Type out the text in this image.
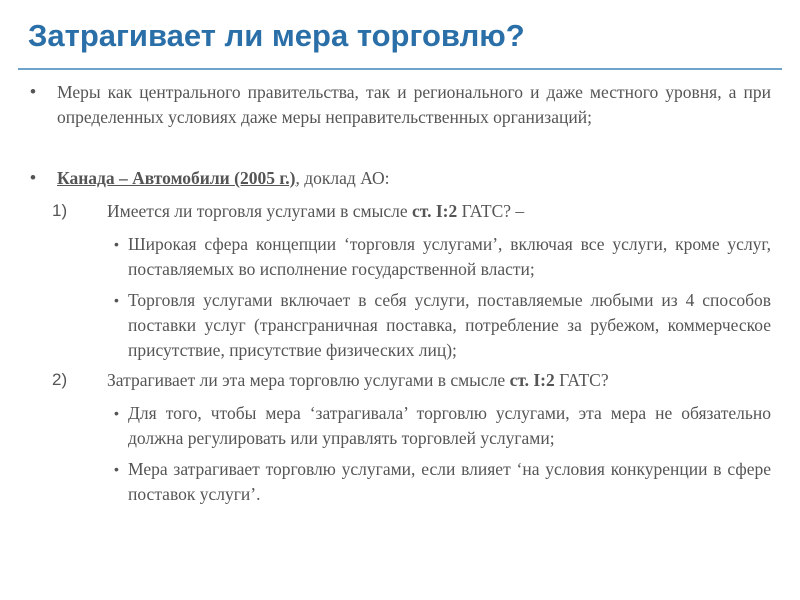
Затрагивает ли мера торговлю?
• Меры как центрального правительства, так и регионального и даже местного уровня, а при определенных условиях даже меры неправительственных организаций;
• Канада – Автомобили (2005 г.), доклад АО:
1) Имеется ли торговля услугами в смысле ст. I:2 ГАТС? –
• Широкая сфера концепции ‘торговля услугами’, включая все услуги, кроме услуг, поставляемых во исполнение государственной власти;
• Торговля услугами включает в себя услуги, поставляемые любыми из 4 способов поставки услуг (трансграничная поставка, потребление за рубежом, коммерческое присутствие, присутствие физических лиц);
2) Затрагивает ли эта мера торговлю услугами в смысле ст. I:2 ГАТС?
• Для того, чтобы мера ‘затрагивала’ торговлю услугами, эта мера не обязательно должна регулировать или управлять торговлей услугами;
• Мера затрагивает торговлю услугами, если влияет ‘на условия конкуренции в сфере поставок услуги’.
